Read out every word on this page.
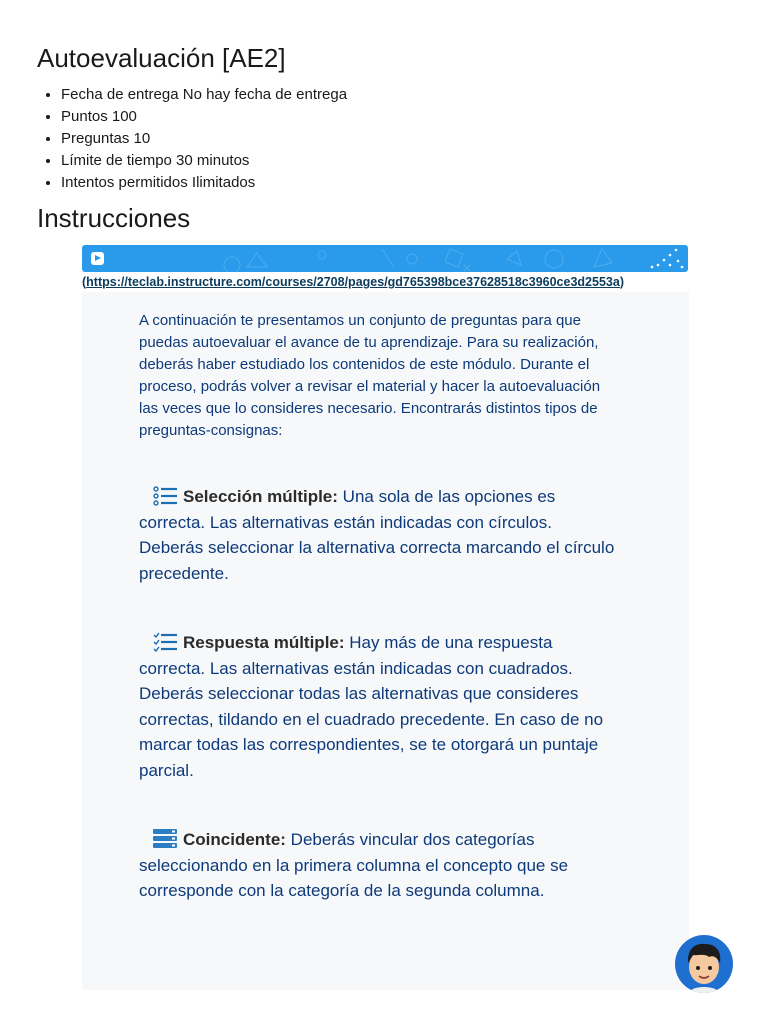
Autoevaluación [AE2]
• Fecha de entrega No hay fecha de entrega
• Puntos 100
• Preguntas 10
• Límite de tiempo 30 minutos
• Intentos permitidos Ilimitados
Instrucciones
(https://teclab.instructure.com/courses/2708/pages/gd765398bce37628518c3960ce3d2553a)

A continuación te presentamos un conjunto de preguntas para que puedas autoevaluar el avance de tu aprendizaje. Para su realización, deberás haber estudiado los contenidos de este módulo. Durante el proceso, podrás volver a revisar el material y hacer la autoevaluación las veces que lo consideres necesario. Encontrarás distintos tipos de preguntas-consignas:

Selección múltiple: Una sola de las opciones es correcta. Las alternativas están indicadas con círculos. Deberás seleccionar la alternativa correcta marcando el círculo precedente.

Respuesta múltiple: Hay más de una respuesta correcta. Las alternativas están indicadas con cuadrados. Deberás seleccionar todas las alternativas que consideres correctas, tildando en el cuadrado precedente. En caso de no marcar todas las correspondientes, se te otorgará un puntaje parcial.

Coincidente: Deberás vincular dos categorías seleccionando en la primera columna el concepto que se corresponde con la categoría de la segunda columna.
